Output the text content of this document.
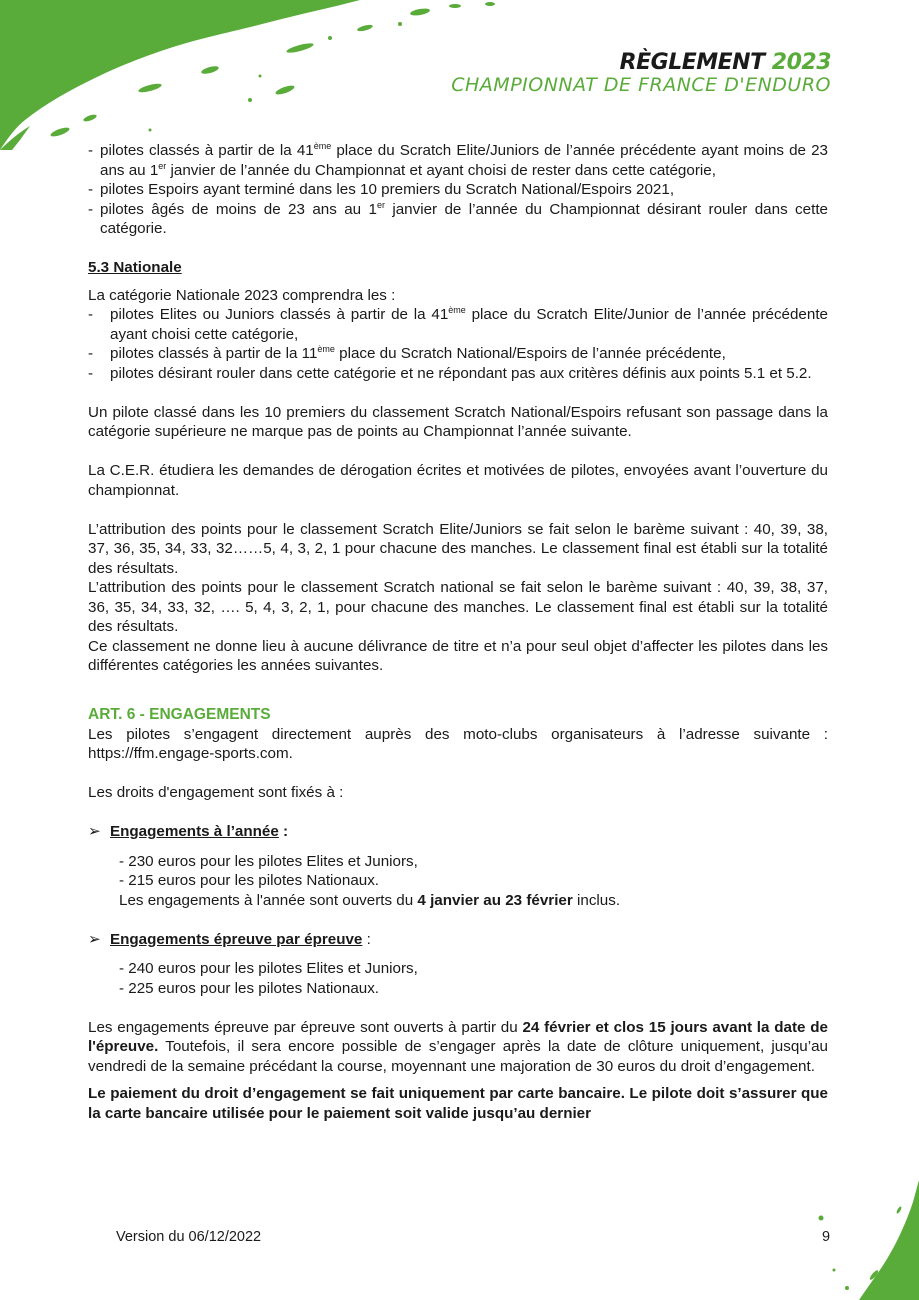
RÈGLEMENT 2023
CHAMPIONNAT DE FRANCE D'ENDURO
- pilotes classés à partir de la 41ème place du Scratch Elite/Juniors de l’année précédente ayant moins de 23 ans au 1er janvier de l’année du Championnat et ayant choisi de rester dans cette catégorie,
- pilotes Espoirs ayant terminé dans les 10 premiers du Scratch National/Espoirs 2021,
- pilotes âgés de moins de 23 ans au 1er janvier de l’année du Championnat désirant rouler dans cette catégorie.

5.3 Nationale

La catégorie Nationale 2023 comprendra les :

- pilotes Elites ou Juniors classés à partir de la 41ème place du Scratch Elite/Junior de l’année précédente ayant choisi cette catégorie,
- pilotes classés à partir de la 11ème place du Scratch National/Espoirs de l’année précédente,
- pilotes désirant rouler dans cette catégorie et ne répondant pas aux critères définis aux points 5.1 et 5.2.

Un pilote classé dans les 10 premiers du classement Scratch National/Espoirs refusant son passage dans la catégorie supérieure ne marque pas de points au Championnat l’année suivante.

La C.E.R. étudiera les demandes de dérogation écrites et motivées de pilotes, envoyées avant l’ouverture du championnat.

L’attribution des points pour le classement Scratch Elite/Juniors se fait selon le barème suivant : 40, 39, 38, 37, 36, 35, 34, 33, 32……5, 4, 3, 2, 1 pour chacune des manches. Le classement final est établi sur la totalité des résultats.

L’attribution des points pour le classement Scratch national se fait selon le barème suivant : 40, 39, 38, 37, 36, 35, 34, 33, 32, …. 5, 4, 3, 2, 1, pour chacune des manches. Le classement final est établi sur la totalité des résultats.

Ce classement ne donne lieu à aucune délivrance de titre et n’a pour seul objet d’affecter les pilotes dans les différentes catégories les années suivantes.

ART. 6 - ENGAGEMENTS

Les pilotes s’engagent directement auprès des moto-clubs organisateurs à l’adresse suivante : https://ffm.engage-sports.com.

Les droits d'engagement sont fixés à :

➢ Engagements à l’année :
- 230 euros pour les pilotes Elites et Juniors,
- 215 euros pour les pilotes Nationaux.
Les engagements à l'année sont ouverts du 4 janvier au 23 février inclus.
➢ Engagements épreuve par épreuve :
- 240 euros pour les pilotes Elites et Juniors,
- 225 euros pour les pilotes Nationaux.

Les engagements épreuve par épreuve sont ouverts à partir du 24 février et clos 15 jours avant la date de l'épreuve. Toutefois, il sera encore possible de s’engager après la date de clôture uniquement, jusqu’au vendredi de la semaine précédant la course, moyennant une majoration de 30 euros du droit d’engagement.

Le paiement du droit d’engagement se fait uniquement par carte bancaire. Le pilote doit s’assurer que la carte bancaire utilisée pour le paiement soit valide jusqu’au dernier

Version du 06/12/2022	9
